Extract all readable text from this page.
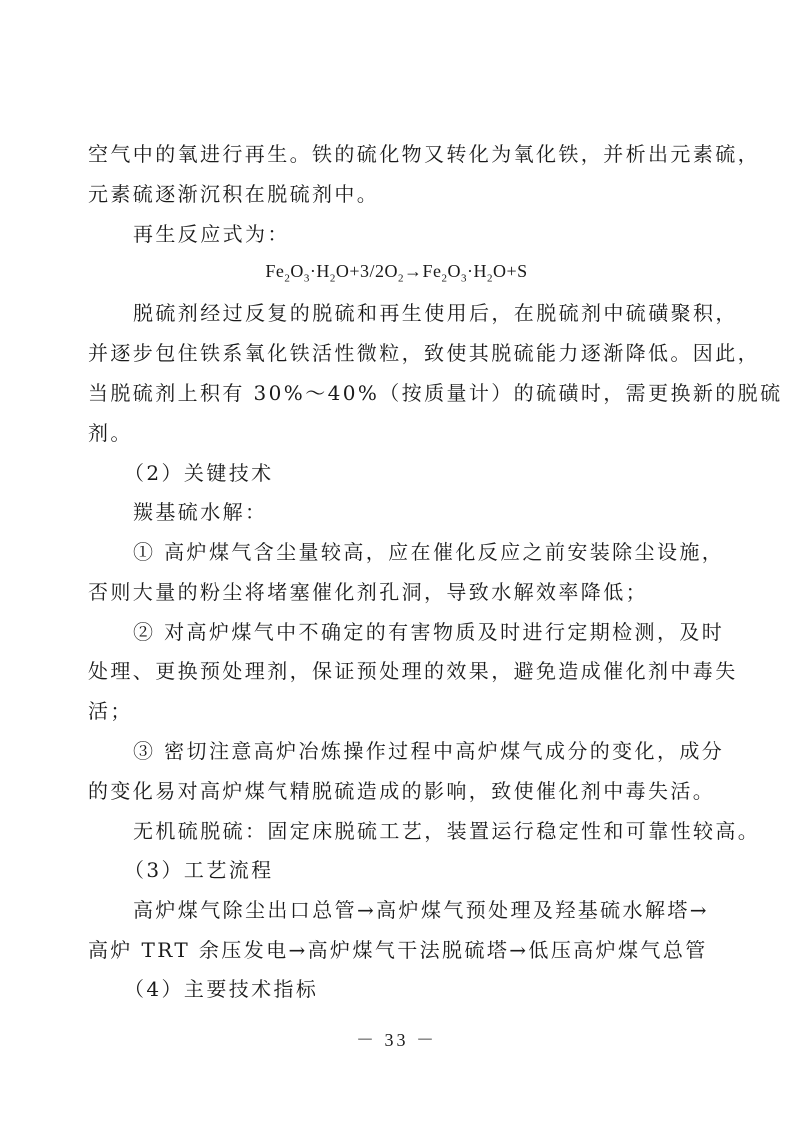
空气中的氧进行再生。铁的硫化物又转化为氧化铁，并析出元素硫，
元素硫逐渐沉积在脱硫剂中。
再生反应式为：
$Fe_2O_3\cdot H_2O+3/2O_2\to Fe_2O_3\cdot H_2O+S$
脱硫剂经过反复的脱硫和再生使用后，在脱硫剂中硫磺聚积，
并逐步包住铁系氧化铁活性微粒，致使其脱硫能力逐渐降低。因此，
当脱硫剂上积有 30%～40%（按质量计）的硫磺时，需更换新的脱硫
剂。
（2）关键技术
羰基硫水解：
① 高炉煤气含尘量较高，应在催化反应之前安装除尘设施，
否则大量的粉尘将堵塞催化剂孔洞，导致水解效率降低；
② 对高炉煤气中不确定的有害物质及时进行定期检测，及时
处理、更换预处理剂，保证预处理的效果，避免造成催化剂中毒失
活；
③ 密切注意高炉冶炼操作过程中高炉煤气成分的变化，成分
的变化易对高炉煤气精脱硫造成的影响，致使催化剂中毒失活。
无机硫脱硫：固定床脱硫工艺，装置运行稳定性和可靠性较高。
（3）工艺流程
高炉煤气除尘出口总管→高炉煤气预处理及羟基硫水解塔→
高炉 TRT 余压发电→高炉煤气干法脱硫塔→低压高炉煤气总管
（4）主要技术指标
－ 33 －
